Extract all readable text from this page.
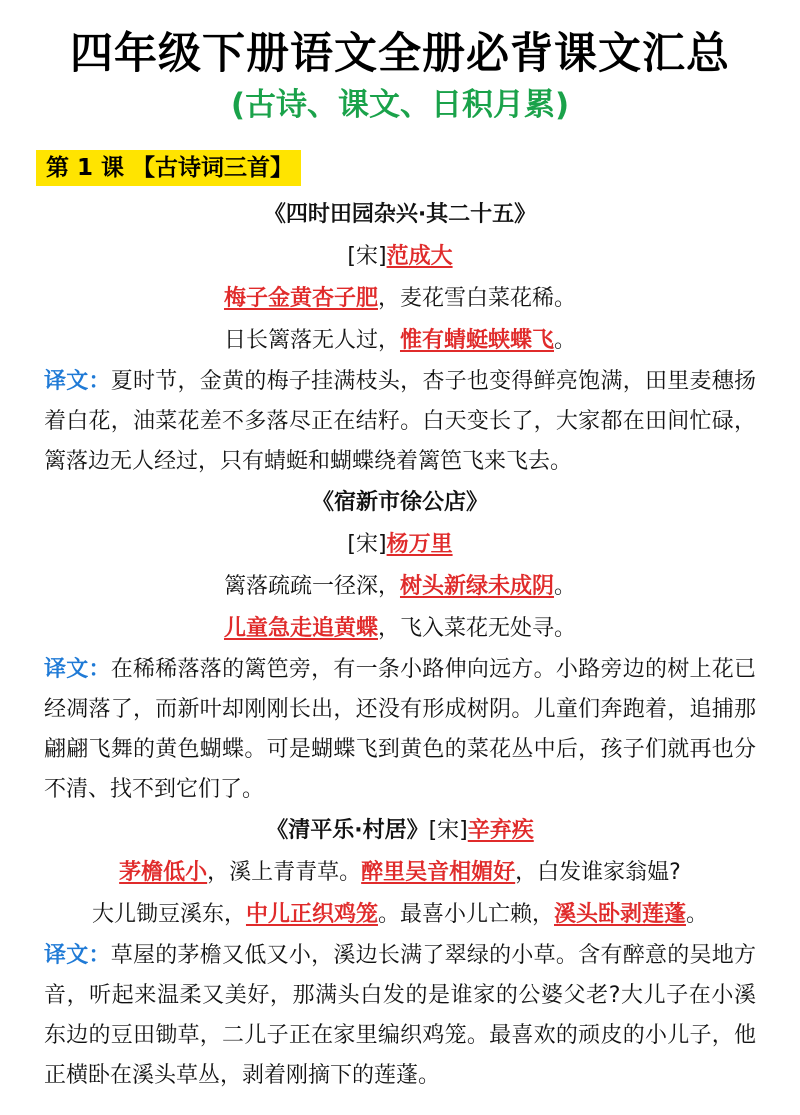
四年级下册语文全册必背课文汇总
(古诗、课文、日积月累)
第 1 课 【古诗词三首】
《四时田园杂兴·其二十五》
[宋]范成大
梅子金黄杏子肥，麦花雪白菜花稀。
日长篱落无人过，惟有蜻蜓蛱蝶飞。
译文：夏时节，金黄的梅子挂满枝头，杏子也变得鲜亮饱满，田里麦穗扬着白花，油菜花差不多落尽正在结籽。白天变长了，大家都在田间忙碌，篱落边无人经过，只有蜻蜓和蝴蝶绕着篱笆飞来飞去。
《宿新市徐公店》
[宋]杨万里
篱落疏疏一径深，树头新绿未成阴。
儿童急走追黄蝶，飞入菜花无处寻。
译文：在稀稀落落的篱笆旁，有一条小路伸向远方。小路旁边的树上花已经凋落了，而新叶却刚刚长出，还没有形成树阴。儿童们奔跑着，追捕那翩翩飞舞的黄色蝴蝶。可是蝴蝶飞到黄色的菜花丛中后，孩子们就再也分不清、找不到它们了。
《清平乐·村居》[宋]辛弃疾
茅檐低小，溪上青青草。醉里吴音相媚好，白发谁家翁媪?
大儿锄豆溪东，中儿正织鸡笼。最喜小儿亡赖，溪头卧剥莲蓬。
译文：草屋的茅檐又低又小，溪边长满了翠绿的小草。含有醉意的吴地方音，听起来温柔又美好，那满头白发的是谁家的公婆父老?大儿子在小溪东边的豆田锄草，二儿子正在家里编织鸡笼。最喜欢的顽皮的小儿子，他正横卧在溪头草丛，剥着刚摘下的莲蓬。
